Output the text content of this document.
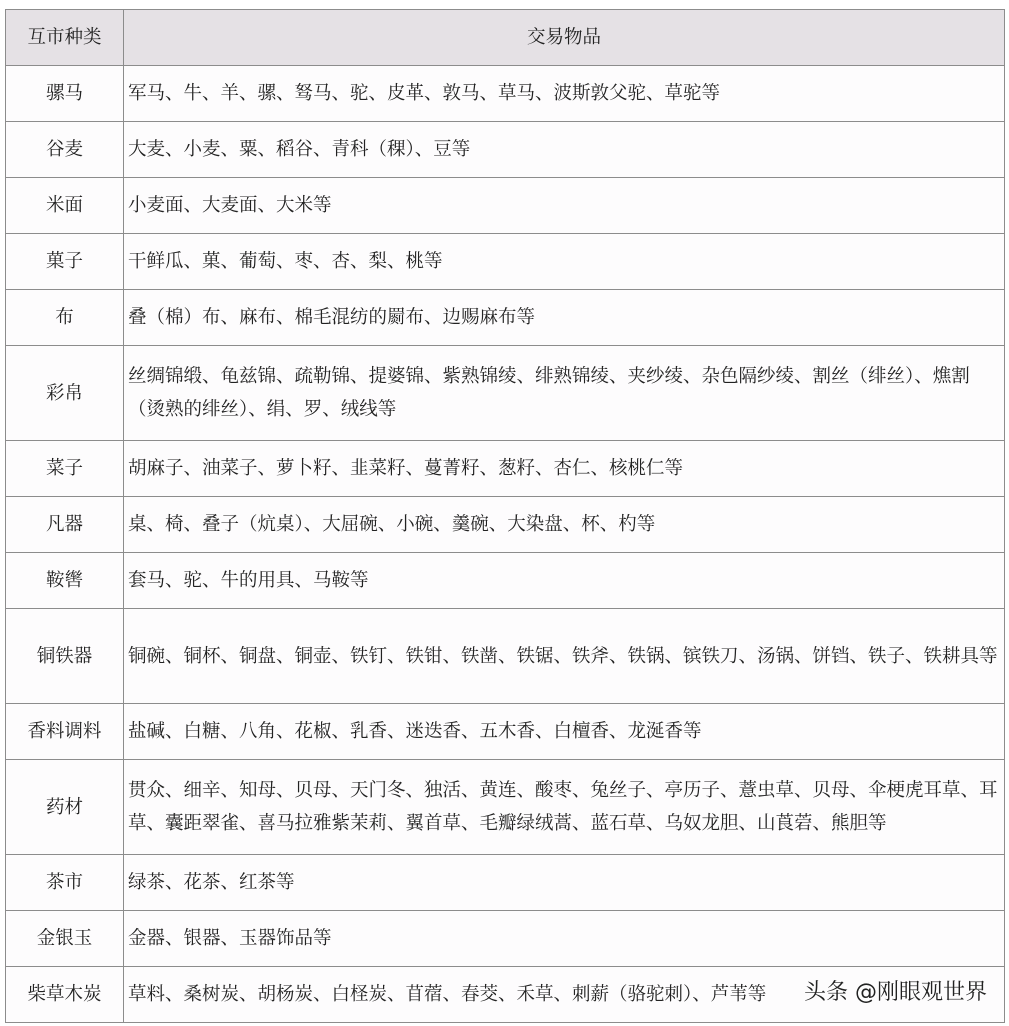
互市种类	交易物品
骡马	军马、牛、羊、骡、驽马、驼、皮革、敦马、草马、波斯敦父驼、草驼等
谷麦	大麦、小麦、粟、稻谷、青科（稞）、豆等
米面	小麦面、大麦面、大米等
菓子	干鲜瓜、菓、葡萄、枣、杏、梨、桃等
布	叠（棉）布、麻布、棉毛混纺的罽布、边赐麻布等
彩帛	丝绸锦缎、龟兹锦、疏勒锦、提婆锦、紫熟锦绫、绯熟锦绫、夹纱绫、杂色隔纱绫、割丝（绯丝）、燋割（烫熟的绯丝）、绢、罗、绒线等
菜子	胡麻子、油菜子、萝卜籽、韭菜籽、蔓菁籽、葱籽、杏仁、核桃仁等
凡器	桌、椅、叠子（炕桌）、大屈碗、小碗、羹碗、大染盘、杯、杓等
鞍辔	套马、驼、牛的用具、马鞍等
铜铁器	铜碗、铜杯、铜盘、铜壶、铁钉、铁钳、铁凿、铁锯、铁斧、铁锅、镔铁刀、汤锅、饼铛、铁子、铁耕具等
香料调料	盐碱、白糖、八角、花椒、乳香、迷迭香、五木香、白檀香、龙涎香等
药材	贯众、细辛、知母、贝母、天门冬、独活、黄连、酸枣、兔丝子、亭历子、薏虫草、贝母、伞梗虎耳草、耳草、囊距翠雀、喜马拉雅紫茉莉、翼首草、毛瓣绿绒蒿、蓝石草、乌奴龙胆、山莨菪、熊胆等
茶市	绿茶、花茶、红茶等
金银玉	金器、银器、玉器饰品等
柴草木炭	草料、桑树炭、胡杨炭、白柽炭、苜蓿、春茭、禾草、刺薪（骆驼刺）、芦苇等 头条 @刚眼观世界
